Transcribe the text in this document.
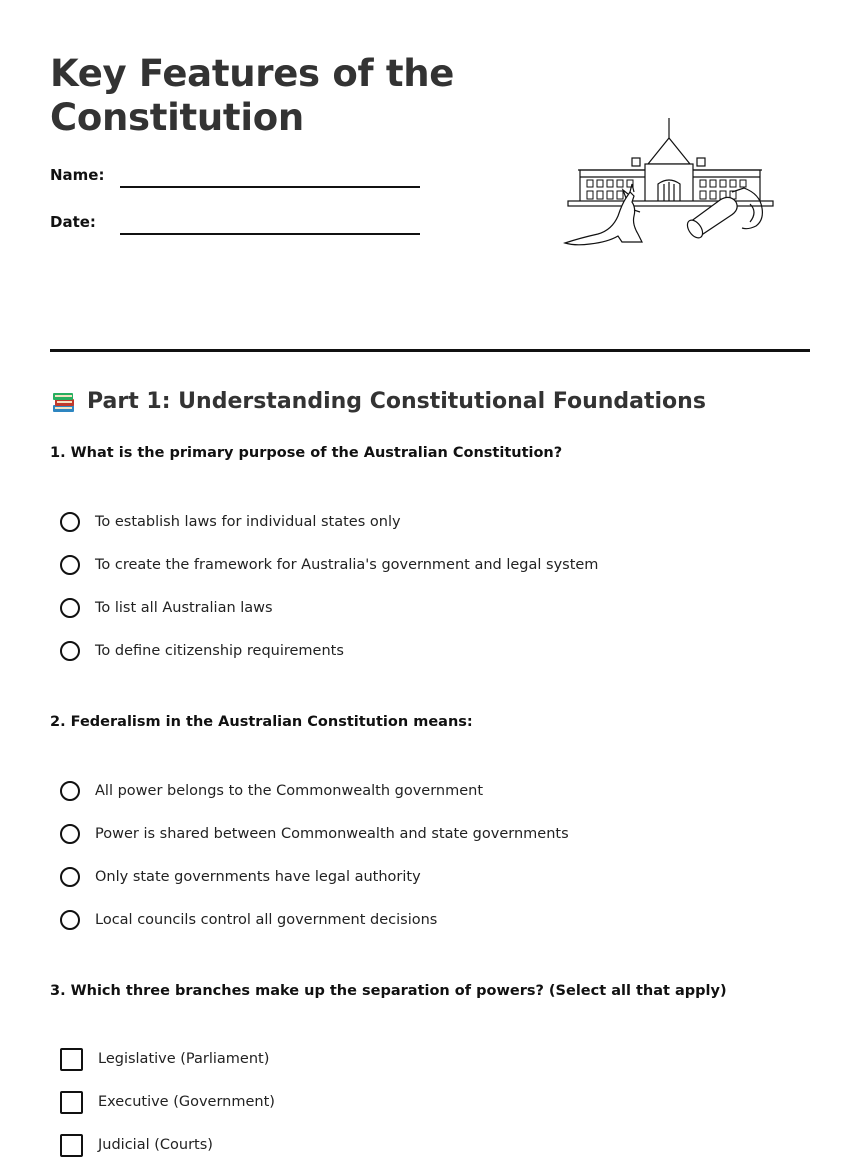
Key Features of the
Constitution
Name:
Date:
Part 1: Understanding Constitutional Foundations
1. What is the primary purpose of the Australian Constitution?
To establish laws for individual states only
To create the framework for Australia's government and legal system
To list all Australian laws
To define citizenship requirements
2. Federalism in the Australian Constitution means:
All power belongs to the Commonwealth government
Power is shared between Commonwealth and state governments
Only state governments have legal authority
Local councils control all government decisions
3. Which three branches make up the separation of powers? (Select all that apply)
Legislative (Parliament)
Executive (Government)
Judicial (Courts)
